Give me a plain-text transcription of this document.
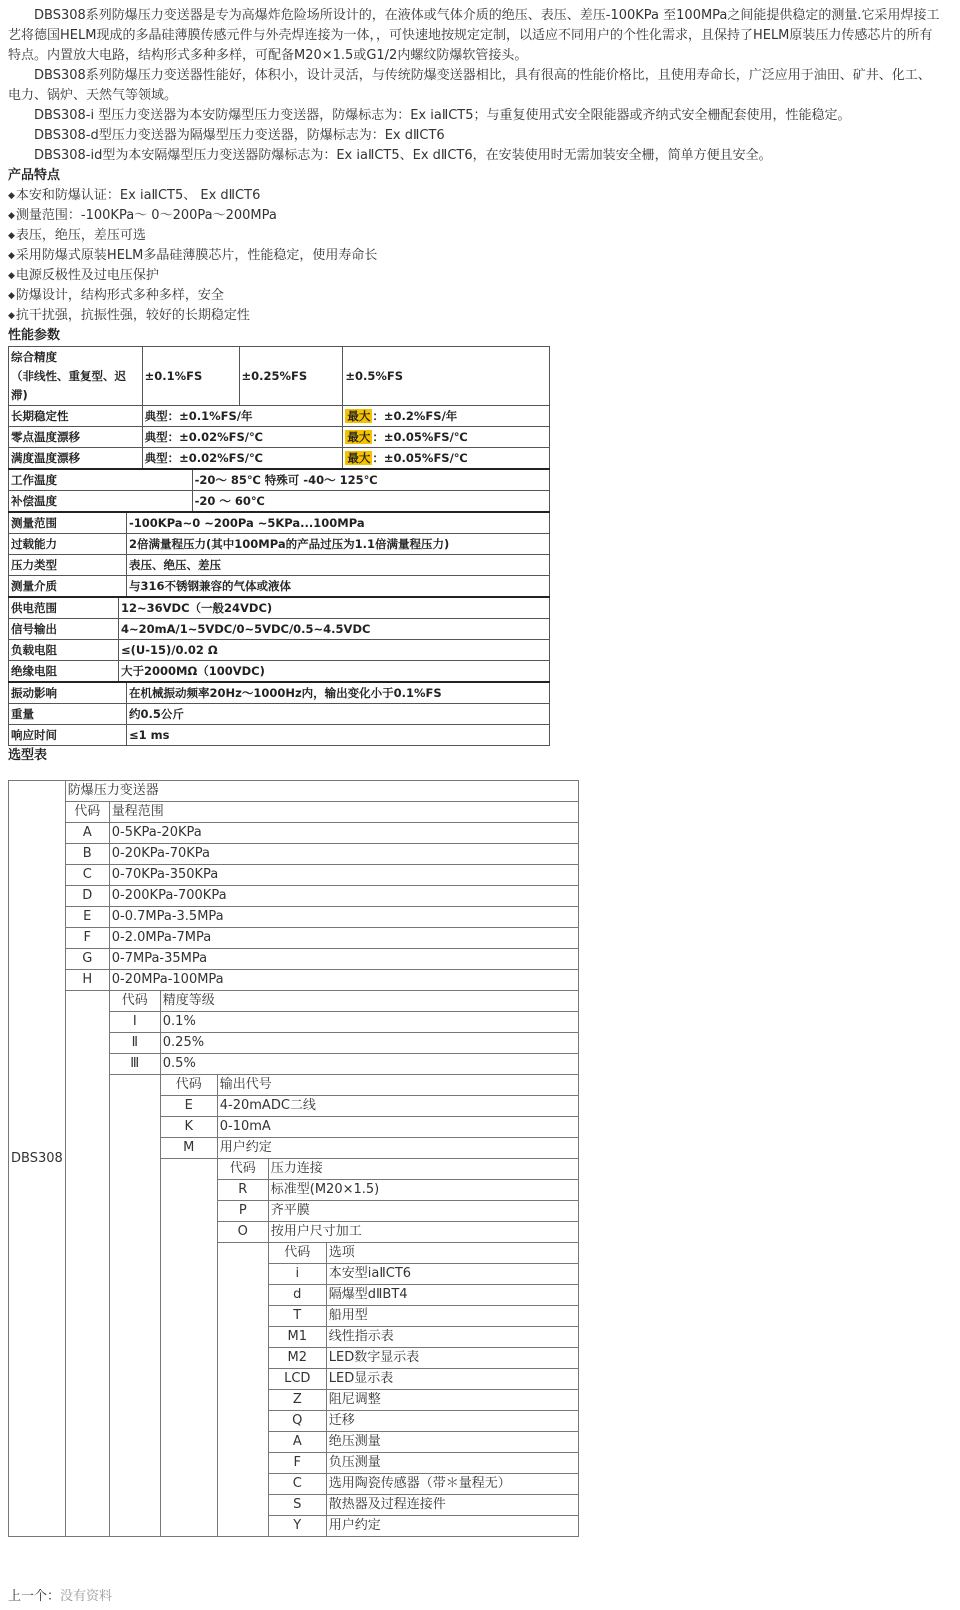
DBS308系列防爆压力变送器是专为高爆炸危险场所设计的，在液体或气体介质的绝压、表压、差压-100KPa 至100MPa之间能提供稳定的测量.它采用焊接工艺将德国HELM现成的多晶硅薄膜传感元件与外壳焊连接为一体，，可快速地按规定定制，以适应不同用户的个性化需求，且保持了HELM原装压力传感芯片的所有特点。内置放大电路，结构形式多种多样，可配备M20×1.5或G1/2内螺纹防爆软管接头。

DBS308系列防爆压力变送器性能好，体积小，设计灵活，与传统防爆变送器相比，具有很高的性能价格比，且使用寿命长，广泛应用于油田、矿井、化工、电力、锅炉、天然气等领域。

DBS308-i 型压力变送器为本安防爆型压力变送器，防爆标志为：Ex iaⅡCT5；与重复使用式安全限能器或齐纳式安全栅配套使用，性能稳定。

DBS308-d型压力变送器为隔爆型压力变送器，防爆标志为：Ex dⅡCT6

DBS308-id型为本安隔爆型压力变送器防爆标志为：Ex iaⅡCT5、Ex dⅡCT6，在安装使用时无需加装安全栅，简单方便且安全。

产品特点
◆本安和防爆认证：Ex iaⅡCT5、 Ex dⅡCT6
◆测量范围：-100KPa～ 0～200Pa～200MPa
◆表压，绝压，差压可选
◆采用防爆式原装HELM多晶硅薄膜芯片，性能稳定，使用寿命长
◆电源反极性及过电压保护
◆防爆设计，结构形式多种多样，安全
◆抗干扰强，抗振性强，较好的长期稳定性
性能参数
综合精度
（非线性、重复型、迟滞)	±0.1%FS		±0.25%FS	±0.5%FS
长期稳定性	典型：±0.1%FS/年			最大 ：±0.2%FS/年
零点温度漂移	典型：±0.02%FS/℃			最大 ：±0.05%FS/℃
满度温度漂移	典型：±0.02%FS/℃			最大 ：±0.05%FS/℃
工作温度		-20～ 85℃ 特殊可 -40～ 125℃		
补偿温度		-20 ～ 60℃		
测量范围	-100KPa~0 ~200Pa ~5KPa...100MPa
过载能力	2倍满量程压力(其中100MPa的产品过压为1.1倍满量程压力)
压力类型	表压、绝压、差压
测量介质	与316不锈钢兼容的气体或液体
供电范围	12~36VDC（一般24VDC)
信号输出	4~20mA/1~5VDC/0~5VDC/0.5~4.5VDC
负载电阻	≤(U-15)/0.02 Ω
绝缘电阻	大于2000MΩ（100VDC)
振动影响	在机械振动频率20Hz～1000Hz内，输出变化小于0.1%FS
重量	约0.5公斤
响应时间	≤1 ms
选型表
DBS308	防爆压力变送器					
	代码	量程范围				
	A	0-5KPa-20KPa				
	B	0-20KPa-70KPa				
	C	0-70KPa-350KPa				
	D	0-200KPa-700KPa				
	E	0-0.7MPa-3.5MPa				
	F	0-2.0MPa-7MPa				
	G	0-7MPa-35MPa				
	H	0-20MPa-100MPa				
		代码	精度等级			
		Ⅰ	0.1%			
		Ⅱ	0.25%			
		Ⅲ	0.5%			
			代码	输出代号		
			E	4-20mADC二线		
			K	0-10mA		
			M	用户约定		
				代码	压力连接	
				R	标准型(M20×1.5)	
				P	齐平膜	
				O	按用户尺寸加工	
					代码	选项
					i	本安型iaⅡCT6
					d	隔爆型dⅡBT4
					T	船用型
					M1	线性指示表
					M2	LED数字显示表
					LCD	LED显示表
					Z	阻尼调整
					Q	迁移
					A	绝压测量
					F	负压测量
					C	选用陶瓷传感器（带＊量程无）
					S	散热器及过程连接件
					Y	用户约定
上一个：没有资料
